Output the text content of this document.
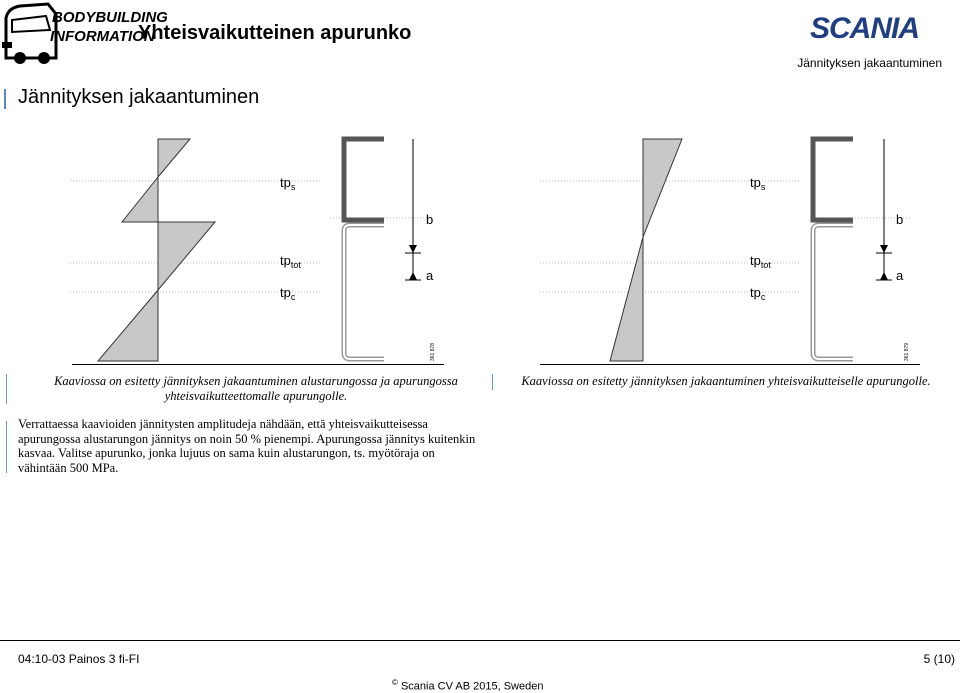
BODYBUILDING
INFORMATION
Yhteisvaikutteinen apurunko	SCANIA
Jännityksen jakaantuminen
Jännityksen jakaantuminen
$tp_s$
b
$tp_{tot}$
a
$tp_c$
361 878
$tp_s$
b
$tp_{tot}$
a
$tp_c$
361 879
Kaaviossa on esitetty jännityksen jakaantuminen alustarungossa ja apurungossa yhteisvaikutteettomalle apurungolle.
Kaaviossa on esitetty jännityksen jakaantuminen yhteisvaikutteiselle apurungolle.
Verrattaessa kaavioiden jännitysten amplitudeja nähdään, että yhteisvaikutteisessa apurungossa alustarungon jännitys on noin 50 % pienempi. Apurungossa jännitys kuitenkin kasvaa. Valitse apurunko, jonka lujuus on sama kuin alustarungon, ts. myötöraja on vähintään 500 MPa.
04:10-03 Painos 3 fi-FI	5 (10)
© Scania CV AB 2015, Sweden
